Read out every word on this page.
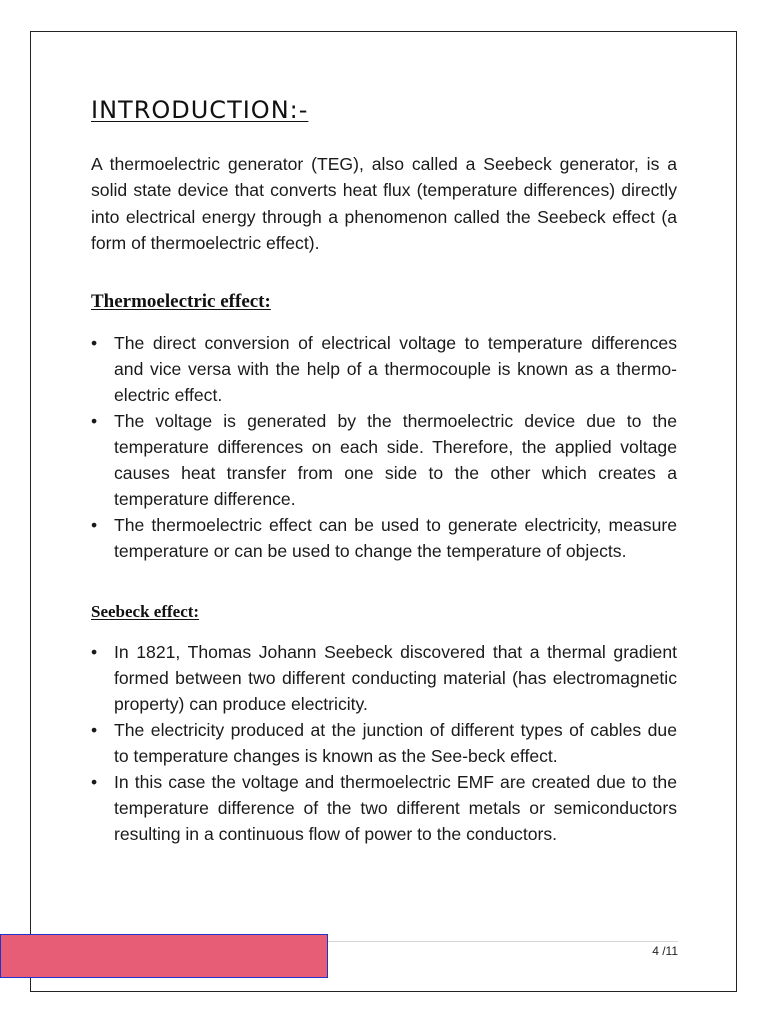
INTRODUCTION:-

A thermoelectric generator (TEG), also called a Seebeck generator, is a solid state device that converts heat flux (temperature differences) directly into electrical energy through a phenomenon called the Seebeck effect (a form of thermoelectric effect).

Thermoelectric effect:
• The direct conversion of electrical voltage to temperature differences and vice versa with the help of a thermocouple is known as a thermo-electric effect.
• The voltage is generated by the thermoelectric device due to the temperature differences on each side. Therefore, the applied voltage causes heat transfer from one side to the other which creates a temperature difference.
• The thermoelectric effect can be used to generate electricity, measure temperature or can be used to change the temperature of objects.
Seebeck effect:
• In 1821, Thomas Johann Seebeck discovered that a thermal gradient formed between two different conducting material (has electromagnetic property) can produce electricity.
• The electricity produced at the junction of different types of cables due to temperature changes is known as the See-beck effect.
• In this case the voltage and thermoelectric EMF are created due to the temperature difference of the two different metals or semiconductors resulting in a continuous flow of power to the conductors.
4 /11
